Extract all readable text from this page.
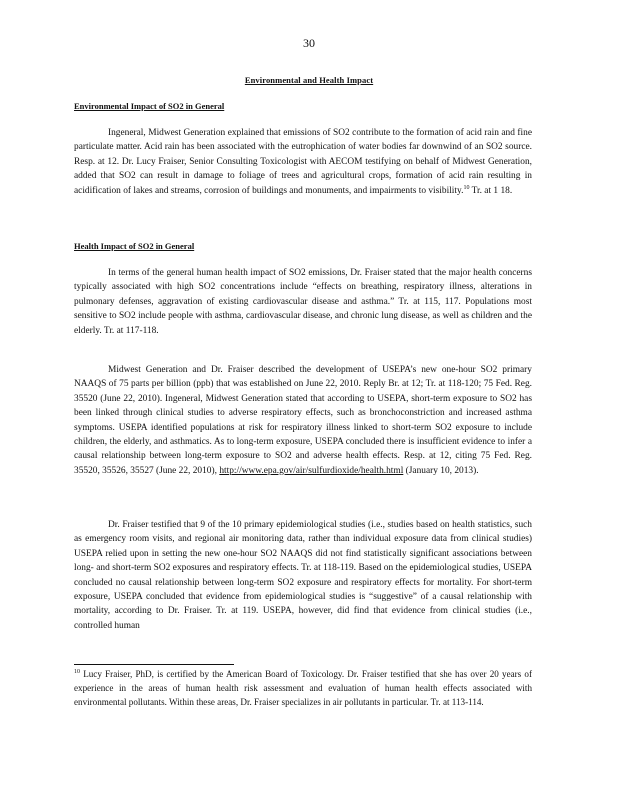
30
Environmental and Health Impact
Environmental Impact of SO2 in General

Ingeneral, Midwest Generation explained that emissions of SO2 contribute to the formation of acid rain and fine particulate matter. Acid rain has been associated with the eutrophication of water bodies far downwind of an SO2 source. Resp. at 12. Dr. Lucy Fraiser, Senior Consulting Toxicologist with AECOM testifying on behalf of Midwest Generation, added that SO2 can result in damage to foliage of trees and agricultural crops, formation of acid rain resulting in acidification of lakes and streams, corrosion of buildings and monuments, and impairments to visibility.$^{10}$ Tr. at 1 18.

Health Impact of SO2 in General

In terms of the general human health impact of SO2 emissions, Dr. Fraiser stated that the major health concerns typically associated with high SO2 concentrations include “effects on breathing, respiratory illness, alterations in pulmonary defenses, aggravation of existing cardiovascular disease and asthma.” Tr. at 115, 117. Populations most sensitive to SO2 include people with asthma, cardiovascular disease, and chronic lung disease, as well as children and the elderly. Tr. at 117-118.

Midwest Generation and Dr. Fraiser described the development of USEPA’s new one-hour SO2 primary NAAQS of 75 parts per billion (ppb) that was established on June 22, 2010. Reply Br. at 12; Tr. at 118-120; 75 Fed. Reg. 35520 (June 22, 2010). Ingeneral, Midwest Generation stated that according to USEPA, short-term exposure to SO2 has been linked through clinical studies to adverse respiratory effects, such as bronchoconstriction and increased asthma symptoms. USEPA identified populations at risk for respiratory illness linked to short-term SO2 exposure to include children, the elderly, and asthmatics. As to long-term exposure, USEPA concluded there is insufficient evidence to infer a causal relationship between long-term exposure to SO2 and adverse health effects. Resp. at 12, citing 75 Fed. Reg. 35520, 35526, 35527 (June 22, 2010), http://www.epa.gov/air/sulfurdioxide/health.html (January 10, 2013).

Dr. Fraiser testified that 9 of the 10 primary epidemiological studies (i.e., studies based on health statistics, such as emergency room visits, and regional air monitoring data, rather than individual exposure data from clinical studies) USEPA relied upon in setting the new one-hour SO2 NAAQS did not find statistically significant associations between long- and short-term SO2 exposures and respiratory effects. Tr. at 118-119. Based on the epidemiological studies, USEPA concluded no causal relationship between long-term SO2 exposure and respiratory effects for mortality. For short-term exposure, USEPA concluded that evidence from epidemiological studies is “suggestive” of a causal relationship with mortality, according to Dr. Fraiser. Tr. at 119. USEPA, however, did find that evidence from clinical studies (i.e., controlled human

$^{10}$ Lucy Fraiser, PhD, is certified by the American Board of Toxicology. Dr. Fraiser testified that she has over 20 years of experience in the areas of human health risk assessment and evaluation of human health effects associated with environmental pollutants. Within these areas, Dr. Fraiser specializes in air pollutants in particular. Tr. at 113-114.
